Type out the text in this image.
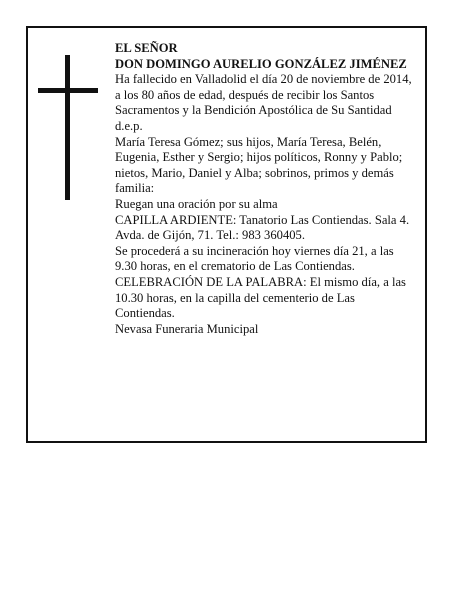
EL SEÑOR

DON DOMINGO AURELIO GONZÁLEZ JIMÉNEZ

Ha fallecido en Valladolid el día 20 de noviembre de 2014, a los 80 años de edad, después de recibir los Santos Sacramentos y la Bendición Apostólica de Su Santidad

d.e.p.

María Teresa Gómez; sus hijos, María Teresa, Belén, Eugenia, Esther y Sergio; hijos políticos, Ronny y Pablo; nietos, Mario, Daniel y Alba; sobrinos, primos y demás familia:

Ruegan una oración por su alma

CAPILLA ARDIENTE: Tanatorio Las Contiendas. Sala 4. Avda. de Gijón, 71. Tel.: 983 360405.

Se procederá a su incineración hoy viernes día 21, a las 9.30 horas, en el crematorio de Las Contiendas.

CELEBRACIÓN DE LA PALABRA: El mismo día, a las 10.30 horas, en la capilla del cementerio de Las Contiendas.

Nevasa Funeraria Municipal
